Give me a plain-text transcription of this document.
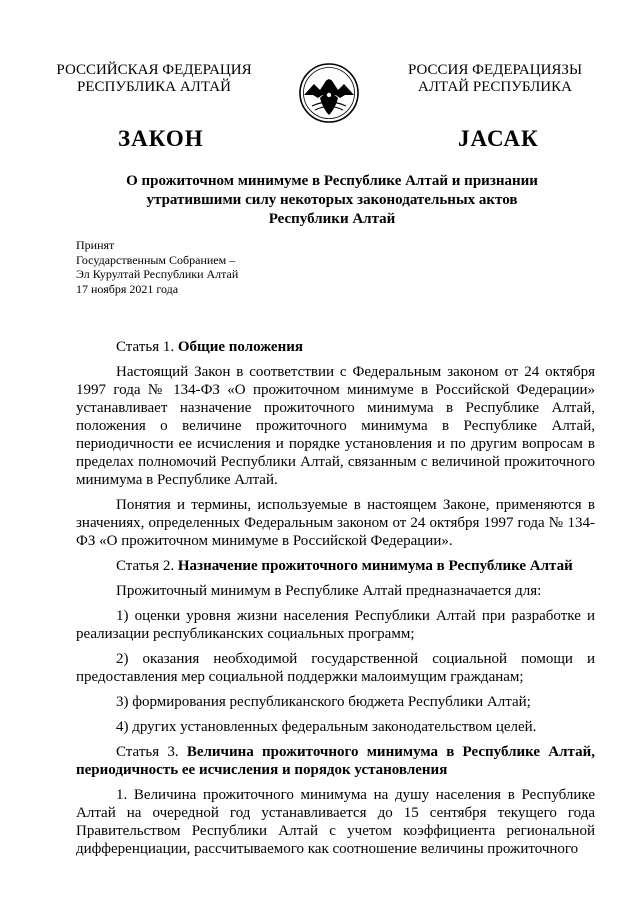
РОССИЙСКАЯ ФЕДЕРАЦИЯ
РЕСПУБЛИКА АЛТАЙ
РОССИЯ ФЕДЕРАЦИЯЗЫ
АЛТАЙ РЕСПУБЛИКА
ЗАКОН	JАСАК
О прожиточном минимуме в Республике Алтай и признании
утратившими силу некоторых законодательных актов
Республики Алтай
Принят
Государственным Собранием –
Эл Курултай Республики Алтай
17 ноября 2021 года

Статья 1. Общие положения

Настоящий Закон в соответствии с Федеральным законом от 24 октября 1997 года № 134-ФЗ «О прожиточном минимуме в Российской Федерации» устанавливает назначение прожиточного минимума в Республике Алтай, положения о величине прожиточного минимума в Республике Алтай, периодичности ее исчисления и порядке установления и по другим вопросам в пределах полномочий Республики Алтай, связанным с величиной прожиточного минимума в Республике Алтай.

Понятия и термины, используемые в настоящем Законе, применяются в значениях, определенных Федеральным законом от 24 октября 1997 года № 134-ФЗ «О прожиточном минимуме в Российской Федерации».

Статья 2. Назначение прожиточного минимума в Республике Алтай

Прожиточный минимум в Республике Алтай предназначается для:

1) оценки уровня жизни населения Республики Алтай при разработке и реализации республиканских социальных программ;

2) оказания необходимой государственной социальной помощи и предоставления мер социальной поддержки малоимущим гражданам;

3) формирования республиканского бюджета Республики Алтай;

4) других установленных федеральным законодательством целей.

Статья 3. Величина прожиточного минимума в Республике Алтай, периодичность ее исчисления и порядок установления

1. Величина прожиточного минимума на душу населения в Республике Алтай на очередной год устанавливается до 15 сентября текущего года Правительством Республики Алтай с учетом коэффициента региональной дифференциации, рассчитываемого как соотношение величины прожиточного
